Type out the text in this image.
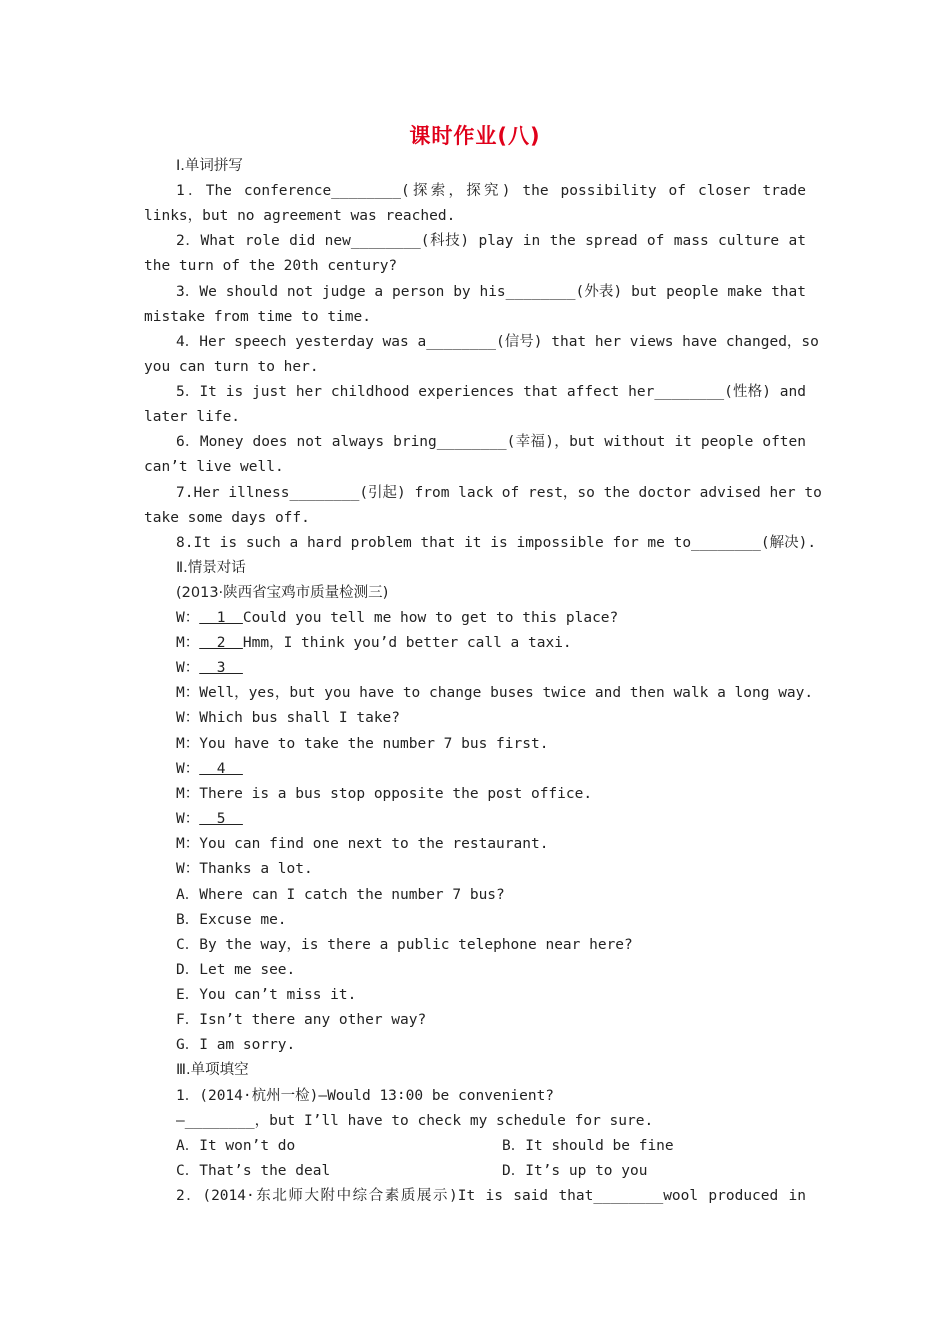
课时作业(八)
Ⅰ.单词拼写
1．The conference________(探索，探究) the possibility of closer trade
links，but no agreement was reached.
2．What role did new________(科技) play in the spread of mass culture at
the turn of the 20th century?
3．We should not judge a person by his________(外表) but people make that
mistake from time to time.
4．Her speech yesterday was a________(信号) that her views have changed，so
you can turn to her.
5．It is just her childhood experiences that affect her________(性格) and
later life.
6．Money does not always bring________(幸福)，but without it people often
can’t live well.
7.Her illness________(引起) from lack of rest，so the doctor advised her to
take some days off.
8.It is such a hard problem that it is impossible for me to________(解决).
Ⅱ.情景对话
(2013·陕西省宝鸡市质量检测三)
W：  1  Could you tell me how to get to this place?
M：  2  Hmm，I think you’d better call a taxi.
W：  3
M：Well，yes，but you have to change buses twice and then walk a long way.
W：Which bus shall I take?
M：You have to take the number 7 bus first.
W：  4
M：There is a bus stop opposite the post office.
W：  5
M：You can find one next to the restaurant.
W：Thanks a lot.
A．Where can I catch the number 7 bus?
B．Excuse me.
C．By the way，is there a public telephone near here?
D．Let me see.
E．You can’t miss it.
F．Isn’t there any other way?
G．I am sorry.
Ⅲ.单项填空
1．(2014·杭州一检)—Would 13∶00 be convenient?
—________，but I’ll have to check my schedule for sure.
A．It won’t do	B．It should be fine
C．That’s the deal	D．It’s up to you
2．(2014·东北师大附中综合素质展示)It is said that________wool produced in
